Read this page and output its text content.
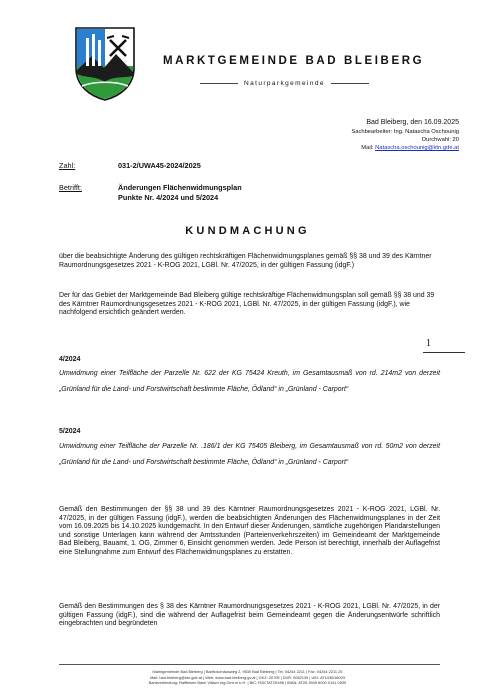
MARKTGEMEINDE BAD BLEIBERG
Naturparkgemeinde
Bad Bleiberg, den 16.09.2025
Sachbearbeiter: Ing. Natascha Oschounig
Durchwahl: 20
Mail: Natascha.oschounig@ktn.gde.at
Zahl:	031-2/UWA45-2024/2025
Betrifft:	Änderungen Flächenwidmungsplan
Punkte Nr. 4/2024 und 5/2024
KUNDMACHUNG
über die beabsichtigte Änderung des gültigen rechtskräftigen Flächenwidmungsplanes gemäß §§ 38 und 39 des Kärntner Raumordnungsgesetzes 2021 - K-ROG 2021, LGBl. Nr. 47/2025, in der gültigen Fassung (idgF.)
Der für das Gebiet der Marktgemeinde Bad Bleiberg gültige rechtskräftige Flächenwidmungsplan soll gemäß §§ 38 und 39 des Kärntner Raumordnungsgesetzes 2021 - K-ROG 2021, LGBl. Nr. 47/2025, in der gültigen Fassung (idgF.), wie nachfolgend ersichtlich geändert werden.
4/2024
Umwidmung einer Teilfläche der Parzelle Nr. 622 der KG 75424 Kreuth, im Gesamtausmaß von rd. 214m2 von derzeit „Grünland für die Land- und Forstwirtschaft bestimmte Fläche, Ödland“ in „Grünland - Carport“
5/2024
Umwidmung einer Teilfläche der Parzelle Nr. .186/1 der KG 75405 Bleiberg, im Gesamtausmaß von rd. 50m2 von derzeit „Grünland für die Land- und Forstwirtschaft bestimmte Fläche, Ödland“ in „Grünland - Carport“
Gemäß den Bestimmungen der §§ 38 und 39 des Kärntner Raumordnungsgesetzes 2021 - K-ROG 2021, LGBl. Nr. 47/2025, in der gültigen Fassung (idgF.), werden die beabsichtigten Änderungen des Flächenwidmungsplanes in der Zeit vom 16.09.2025 bis 14.10.2025 kundgemacht. In den Entwurf dieser Änderungen, sämtliche zugehörigen Plandarstellungen und sonstige Unterlagen kann während der Amtsstunden (Parteienverkehrszeiten) im Gemeindeamt der Marktgemeinde Bad Bleiberg, Bauamt, 1. OG, Zimmer 6, Einsicht genommen werden. Jede Person ist berechtigt, innerhalb der Auflagefrist eine Stellungnahme zum Entwurf des Flächenwidmungsplanes zu erstatten.
Gemäß den Bestimmungen des § 38 des Kärntner Raumordnungsgesetzes 2021 - K-ROG 2021, LGBl. Nr. 47/2025, in der gültigen Fassung (idgF.), sind die während der Auflagefrist beim Gemeindeamt gegen die Änderungsentwürfe schriftlich eingebrachten und begründeten
1
Marktgemeinde Bad Bleiberg | Bartholomäusweg 2, 9530 Bad Bleiberg | Tel: 04244 2211 | Fax: 04244 2211 25
Mail: bad-bleiberg@ktn.gde.at | Web: www.bad-bleiberg.gv.at | GKZ: 20705 | DVR: 0082139 | UID: ATU26016003
Bankverbindung: Raiffeisen Bank Villach reg.Gen.m.b.H. | BIC: RZKTAT2K496 | IBAN: AT26 3949 6000 0141 0539
